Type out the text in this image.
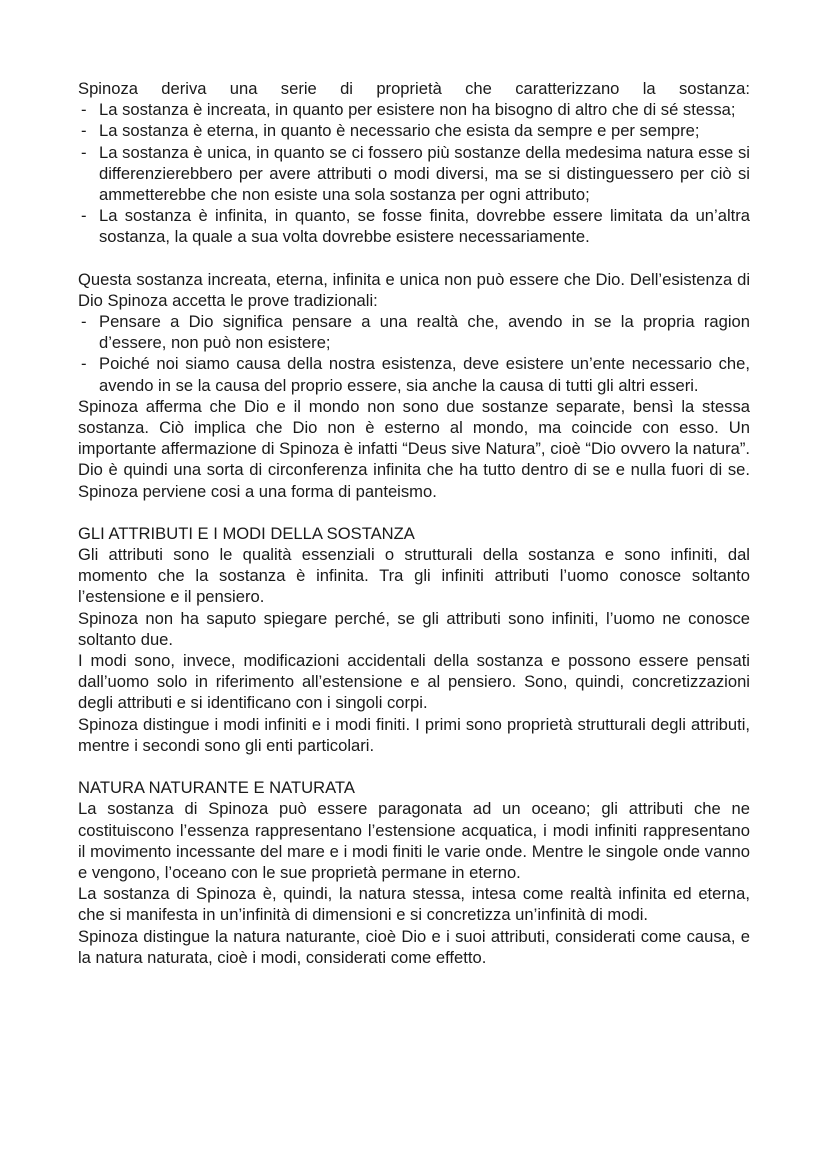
Spinoza deriva una serie di proprietà che caratterizzano la sostanza:

- La sostanza è increata, in quanto per esistere non ha bisogno di altro che di sé stessa;
- La sostanza è eterna, in quanto è necessario che esista da sempre e per sempre;
- La sostanza è unica, in quanto se ci fossero più sostanze della medesima natura esse si differenzierebbero per avere attributi o modi diversi, ma se si distinguessero per ciò si ammetterebbe che non esiste una sola sostanza per ogni attributo;
- La sostanza è infinita, in quanto, se fosse finita, dovrebbe essere limitata da un’altra sostanza, la quale a sua volta dovrebbe esistere necessariamente.

Questa sostanza increata, eterna, infinita e unica non può essere che Dio. Dell’esistenza di Dio Spinoza accetta le prove tradizionali:

- Pensare a Dio significa pensare a una realtà che, avendo in se la propria ragion d’essere, non può non esistere;
- Poiché noi siamo causa della nostra esistenza, deve esistere un’ente necessario che, avendo in se la causa del proprio essere, sia anche la causa di tutti gli altri esseri.

Spinoza afferma che Dio e il mondo non sono due sostanze separate, bensì la stessa sostanza. Ciò implica che Dio non è esterno al mondo, ma coincide con esso. Un importante affermazione di Spinoza è infatti “Deus sive Natura”, cioè “Dio ovvero la natura”. Dio è quindi una sorta di circonferenza infinita che ha tutto dentro di se e nulla fuori di se. Spinoza perviene cosi a una forma di panteismo.

GLI ATTRIBUTI E I MODI DELLA SOSTANZA

Gli attributi sono le qualità essenziali o strutturali della sostanza e sono infiniti, dal momento che la sostanza è infinita. Tra gli infiniti attributi l’uomo conosce soltanto l’estensione e il pensiero.

Spinoza non ha saputo spiegare perché, se gli attributi sono infiniti, l’uomo ne conosce soltanto due.

I modi sono, invece, modificazioni accidentali della sostanza e possono essere pensati dall’uomo solo in riferimento all’estensione e al pensiero. Sono, quindi, concretizzazioni degli attributi e si identificano con i singoli corpi.

Spinoza distingue i modi infiniti e i modi finiti. I primi sono proprietà strutturali degli attributi, mentre i secondi sono gli enti particolari.

NATURA NATURANTE E NATURATA

La sostanza di Spinoza può essere paragonata ad un oceano; gli attributi che ne costituiscono l’essenza rappresentano l’estensione acquatica, i modi infiniti rappresentano il movimento incessante del mare e i modi finiti le varie onde. Mentre le singole onde vanno e vengono, l’oceano con le sue proprietà permane in eterno.

La sostanza di Spinoza è, quindi, la natura stessa, intesa come realtà infinita ed eterna, che si manifesta in un’infinità di dimensioni e si concretizza un’infinità di modi.

Spinoza distingue la natura naturante, cioè Dio e i suoi attributi, considerati come causa, e la natura naturata, cioè i modi, considerati come effetto.
